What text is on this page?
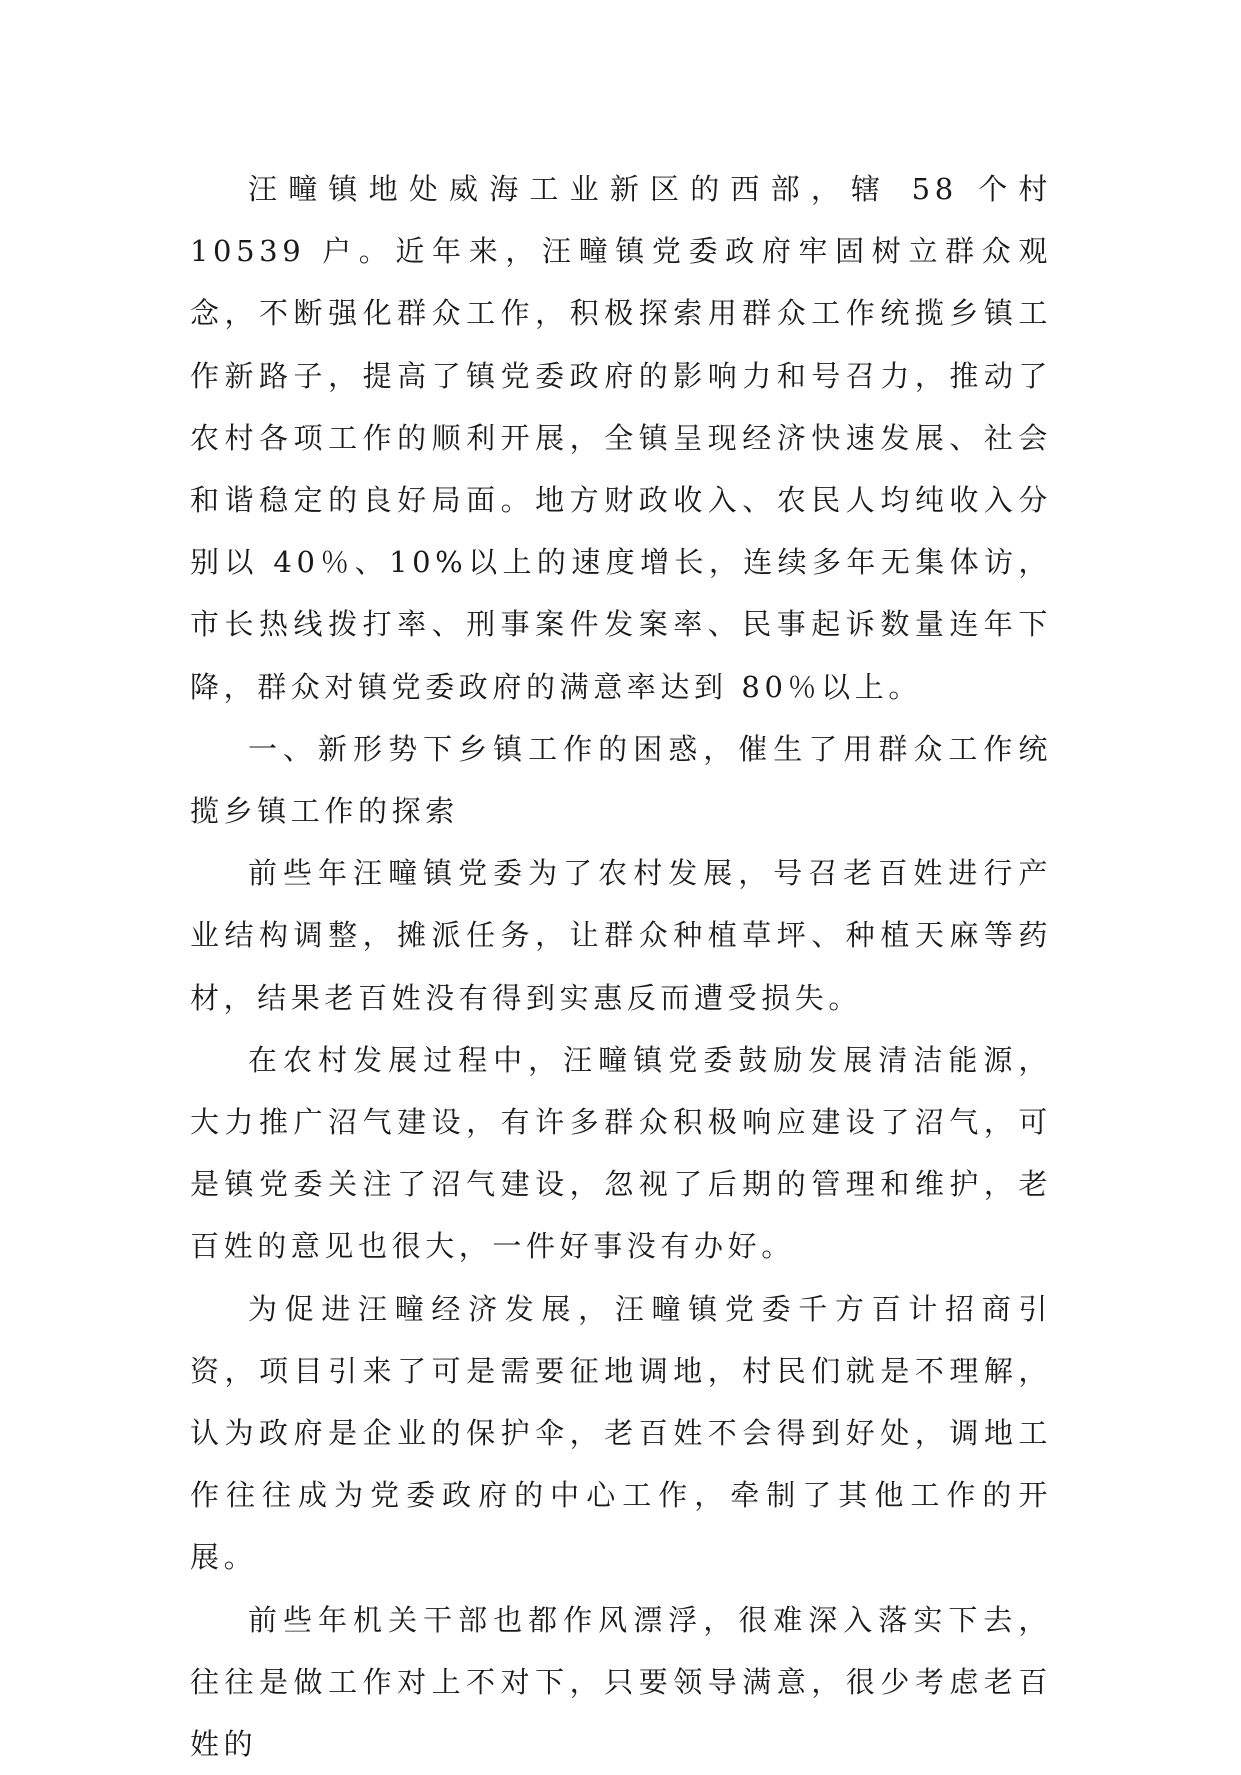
汪疃镇地处威海工业新区的西部，辖 58 个村 10539 户。近年来，汪疃镇党委政府牢固树立群众观念，不断强化群众工作，积极探索用群众工作统揽乡镇工作新路子，提高了镇党委政府的影响力和号召力，推动了农村各项工作的顺利开展，全镇呈现经济快速发展、社会和谐稳定的良好局面。地方财政收入、农民人均纯收入分别以 40％、10%以上的速度增长，连续多年无集体访，市长热线拨打率、刑事案件发案率、民事起诉数量连年下降，群众对镇党委政府的满意率达到 80％以上。

一、新形势下乡镇工作的困惑，催生了用群众工作统揽乡镇工作的探索

前些年汪疃镇党委为了农村发展，号召老百姓进行产业结构调整，摊派任务，让群众种植草坪、种植天麻等药材，结果老百姓没有得到实惠反而遭受损失。

在农村发展过程中，汪疃镇党委鼓励发展清洁能源，大力推广沼气建设，有许多群众积极响应建设了沼气，可是镇党委关注了沼气建设，忽视了后期的管理和维护，老百姓的意见也很大，一件好事没有办好。

为促进汪疃经济发展，汪疃镇党委千方百计招商引资，项目引来了可是需要征地调地，村民们就是不理解，认为政府是企业的保护伞，老百姓不会得到好处，调地工作往往成为党委政府的中心工作，牵制了其他工作的开展。

前些年机关干部也都作风漂浮，很难深入落实下去，往往是做工作对上不对下，只要领导满意，很少考虑老百姓的
